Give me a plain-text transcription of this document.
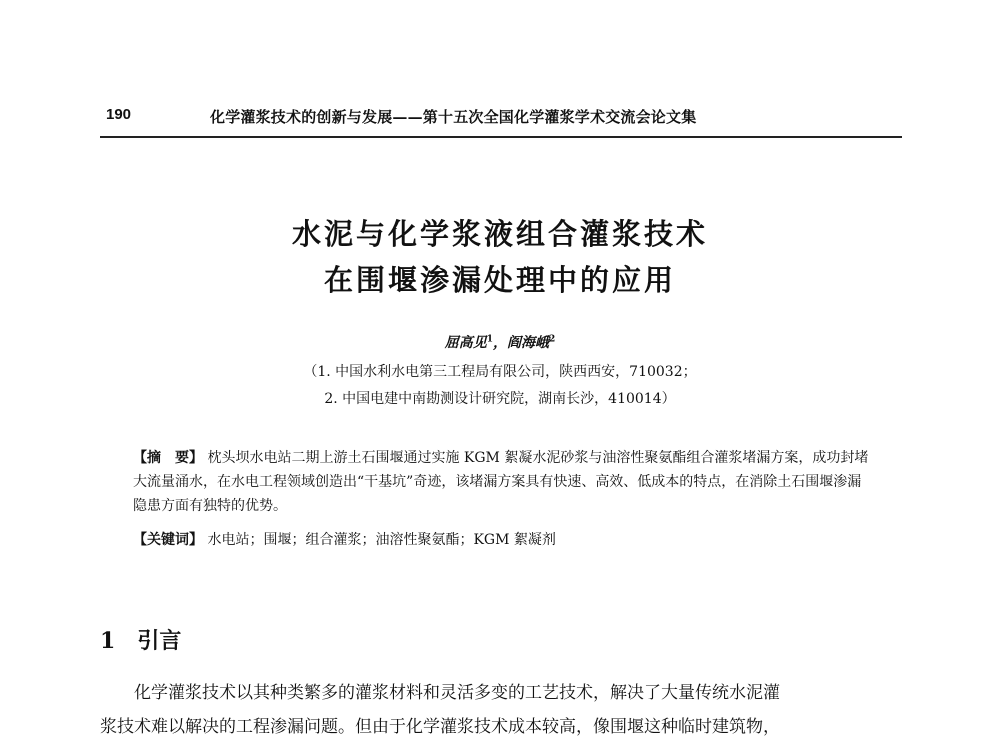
190	化学灌浆技术的创新与发展——第十五次全国化学灌浆学术交流会论文集
水泥与化学浆液组合灌浆技术
在围堰渗漏处理中的应用
屈高见$^1$，阎海峨$^2$
（1. 中国水利水电第三工程局有限公司，陕西西安，710032；
2. 中国电建中南勘测设计研究院，湖南长沙，410014）
【摘　要】 枕头坝水电站二期上游土石围堰通过实施 KGM 絮凝水泥砂浆与油溶性聚氨酯组合灌浆堵漏方案，成功封堵大流量涌水，在水电工程领域创造出“干基坑”奇迹，该堵漏方案具有快速、高效、低成本的特点，在消除土石围堰渗漏隐患方面有独特的优势。
【关键词】 水电站；围堰；组合灌浆；油溶性聚氨酯；KGM 絮凝剂
1 引言
　　化学灌浆技术以其种类繁多的灌浆材料和灵活多变的工艺技术，解决了大量传统水泥灌
浆技术难以解决的工程渗漏问题。但由于化学灌浆技术成本较高，像围堰这种临时建筑物，
